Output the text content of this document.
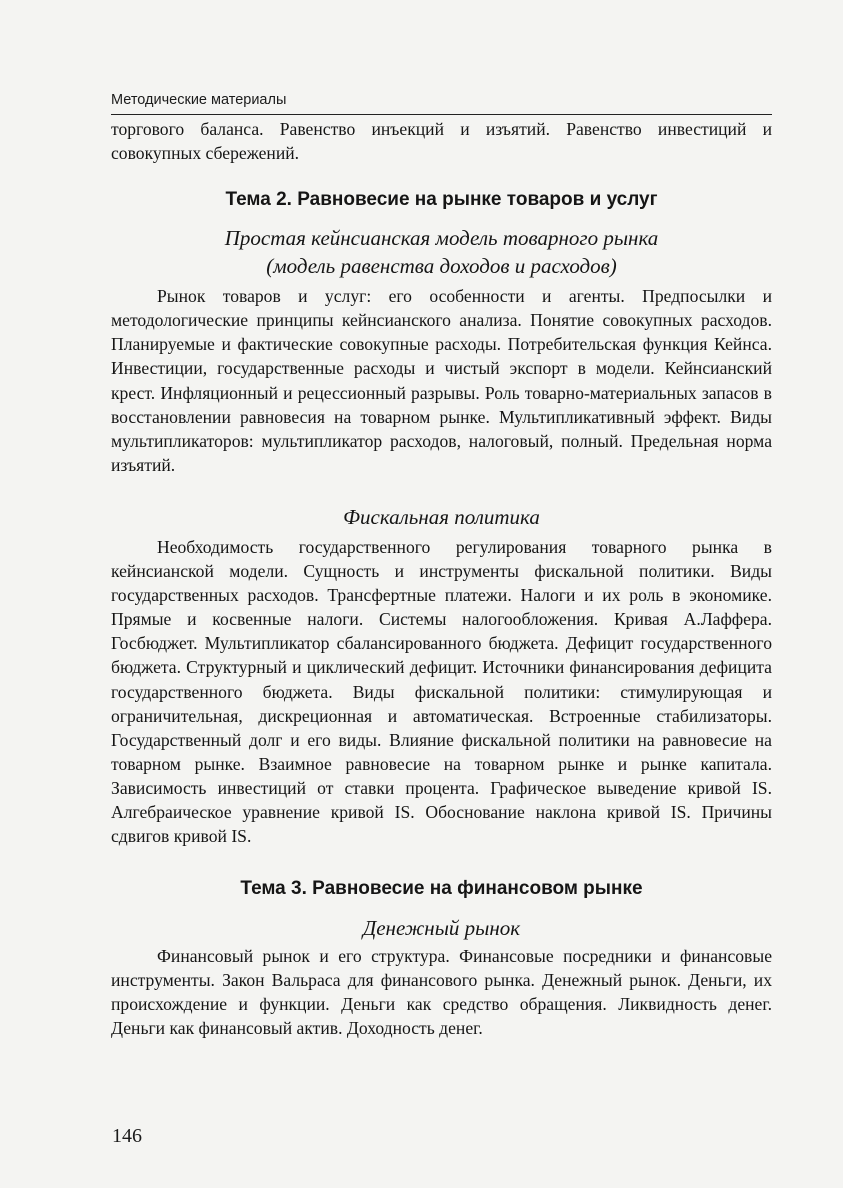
Методические материалы

торгового баланса. Равенство инъекций и изъятий. Равенство инвестиций и совокупных сбережений.

Тема 2. Равновесие на рынке товаров и услуг
Простая кейнсианская модель товарного рынка
(модель равенства доходов и расходов)

Рынок товаров и услуг: его особенности и агенты. Предпосылки и методологические принципы кейнсианского анализа. Понятие совокупных расходов. Планируемые и фактические совокупные расходы. Потребительская функция Кейнса. Инвестиции, государственные расходы и чистый экспорт в модели. Кейнсианский крест. Инфляционный и рецессионный разрывы. Роль товарно-материальных запасов в восстановлении равновесия на товарном рынке. Мультипликативный эффект. Виды мультипликаторов: мультипликатор расходов, налоговый, полный. Предельная норма изъятий.

Фискальная политика

Необходимость государственного регулирования товарного рынка в кейнсианской модели. Сущность и инструменты фискальной политики. Виды государственных расходов. Трансфертные платежи. Налоги и их роль в экономике. Прямые и косвенные налоги. Системы налогообложения. Кривая А.Лаффера. Госбюджет. Мультипликатор сбалансированного бюджета. Дефицит государственного бюджета. Структурный и циклический дефицит. Источники финансирования дефицита государственного бюджета. Виды фискальной политики: стимулирующая и ограничительная, дискреционная и автоматическая. Встроенные стабилизаторы. Государственный долг и его виды. Влияние фискальной политики на равновесие на товарном рынке. Взаимное равновесие на товарном рынке и рынке капитала. Зависимость инвестиций от ставки процента. Графическое выведение кривой IS. Алгебраическое уравнение кривой IS. Обоснование наклона кривой IS. Причины сдвигов кривой IS.

Тема 3. Равновесие на финансовом рынке
Денежный рынок

Финансовый рынок и его структура. Финансовые посредники и финансовые инструменты. Закон Вальраса для финансового рынка. Денежный рынок. Деньги, их происхождение и функции. Деньги как средство обращения. Ликвидность денег. Деньги как финансовый актив. Доходность денег.

146
